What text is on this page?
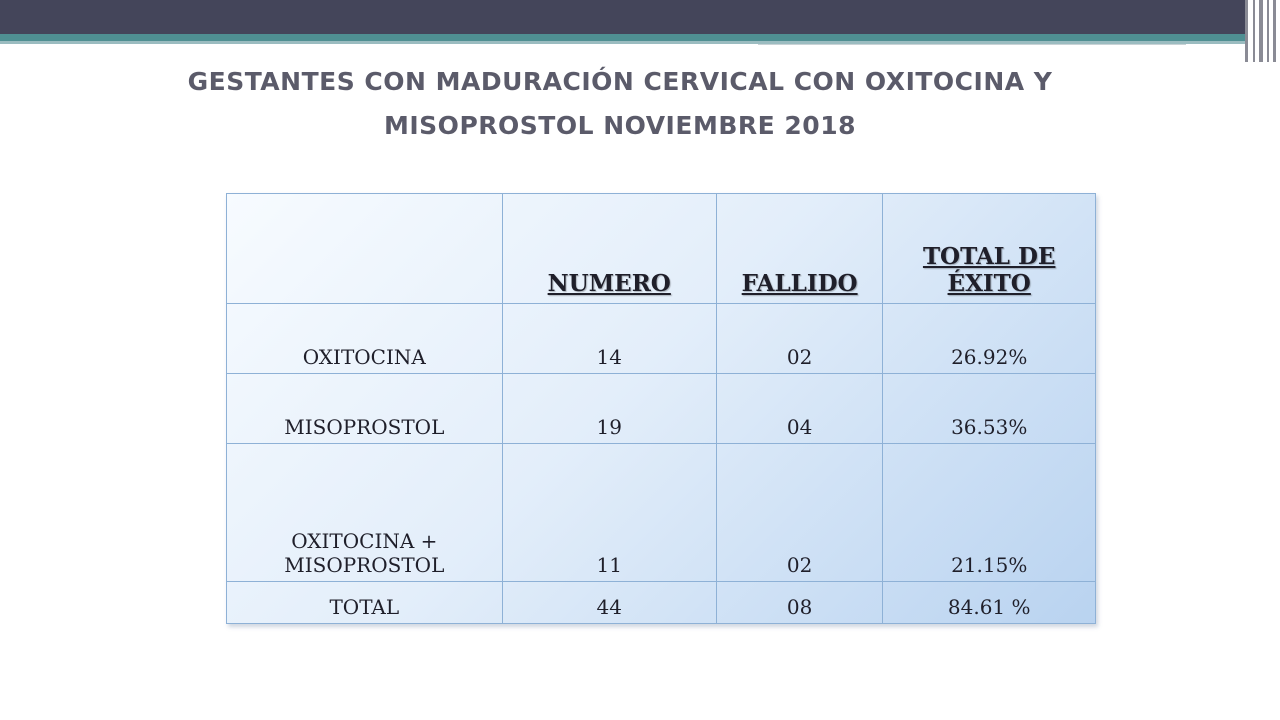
GESTANTES CON MADURACIÓN CERVICAL CON OXITOCINA Y
MISOPROSTOL NOVIEMBRE 2018
	NUMERO	FALLIDO	TOTAL DE ÉXITO
OXITOCINA	14	02	26.92%
MISOPROSTOL	19	04	36.53%
OXITOCINA + MISOPROSTOL	11	02	21.15%
TOTAL	44	08	84.61 %
